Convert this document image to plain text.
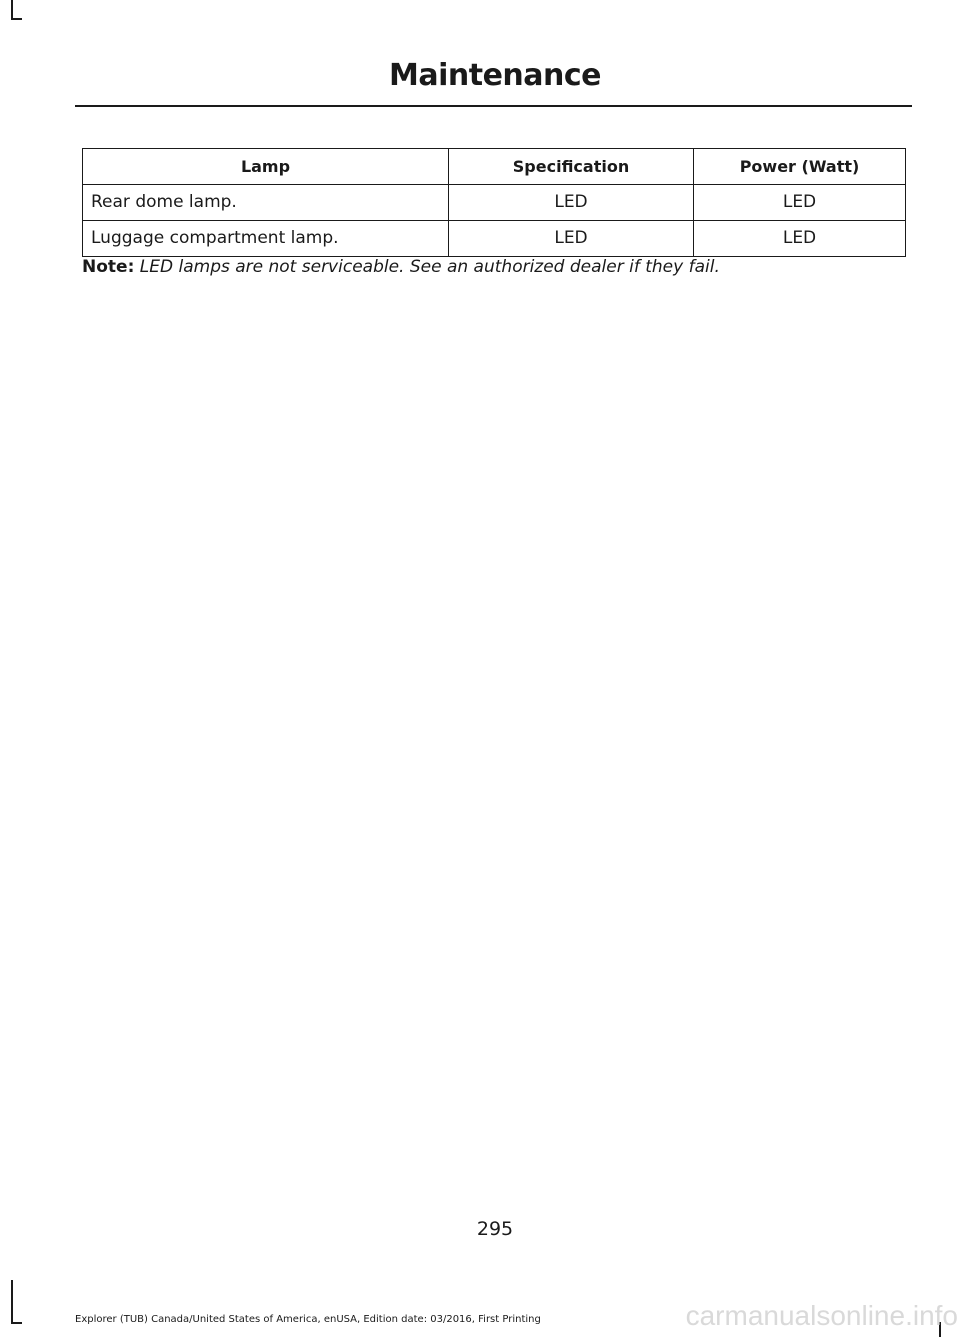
Maintenance
Lamp	Specification	Power (Watt)
Rear dome lamp.	LED	LED
Luggage compartment lamp.	LED	LED
Note: LED lamps are not serviceable. See an authorized dealer if they fail.
295
Explorer (TUB) Canada/United States of America, enUSA, Edition date: 03/2016, First Printing	carmanualsonline.info
